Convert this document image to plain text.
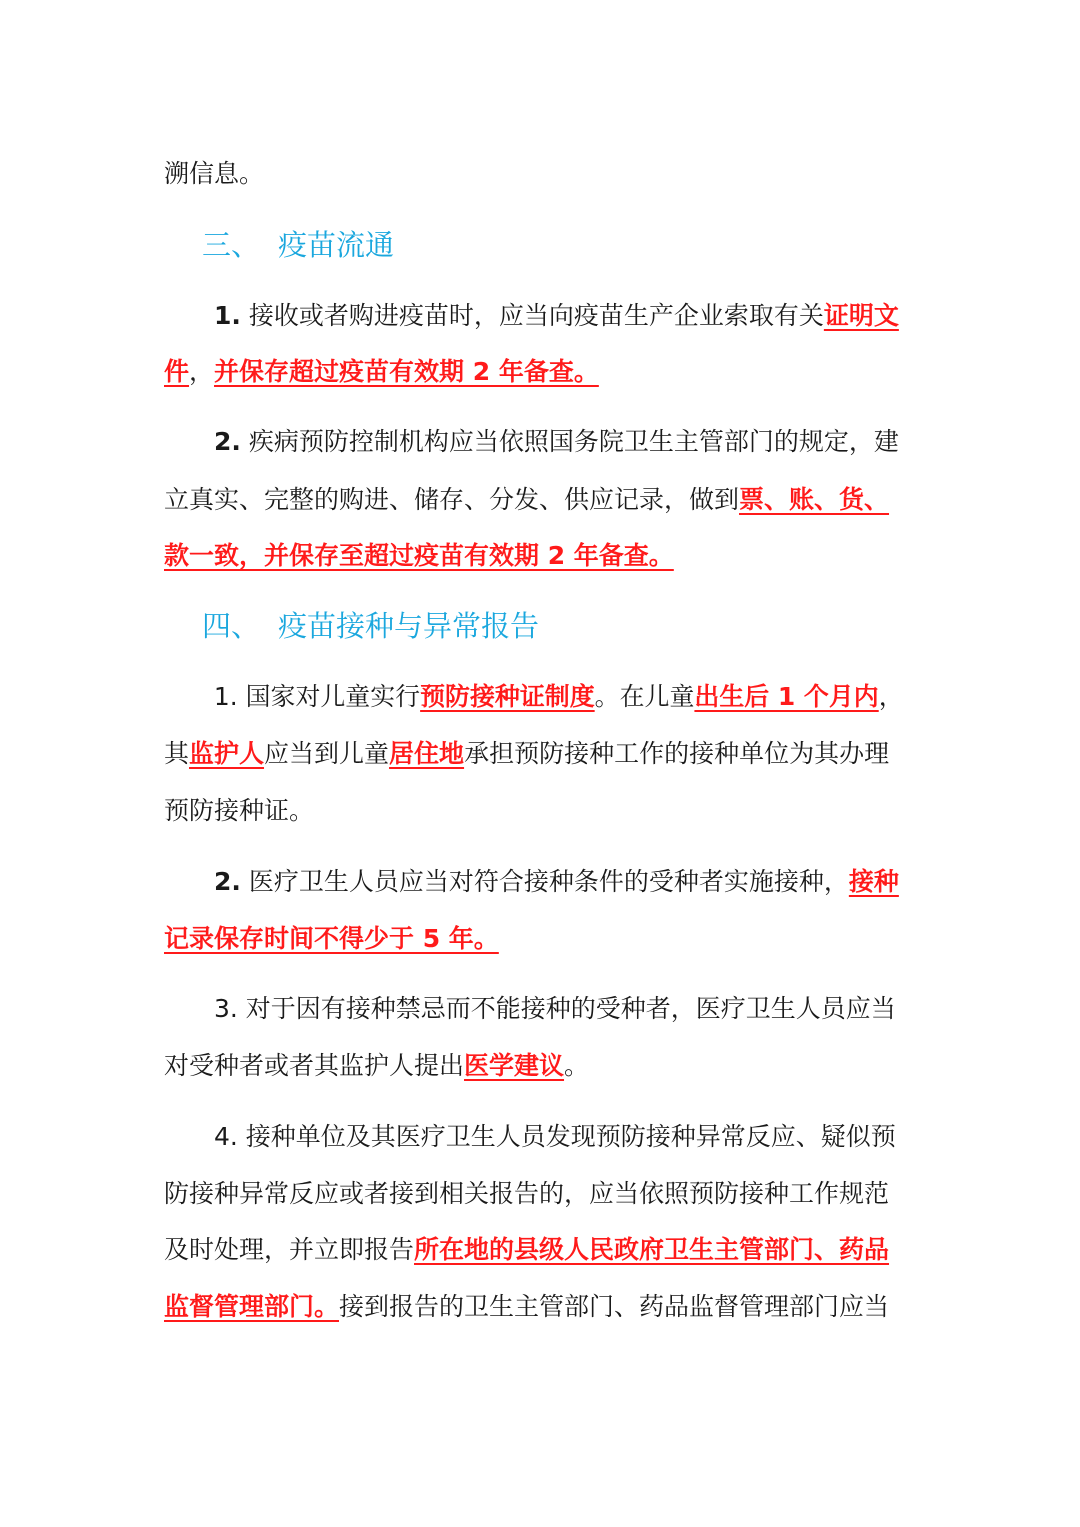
溯信息。
三、 疫苗流通
1. 接收或者购进疫苗时，应当向疫苗生产企业索取有关证明文
件，并保存超过疫苗有效期 2 年备查。
2. 疾病预防控制机构应当依照国务院卫生主管部门的规定，建
立真实、完整的购进、储存、分发、供应记录，做到票、账、货、
款一致，并保存至超过疫苗有效期 2 年备查。
四、 疫苗接种与异常报告
1. 国家对儿童实行预防接种证制度。在儿童出生后 1 个月内，
其监护人应当到儿童居住地承担预防接种工作的接种单位为其办理
预防接种证。
2. 医疗卫生人员应当对符合接种条件的受种者实施接种，接种
记录保存时间不得少于 5 年。
3. 对于因有接种禁忌而不能接种的受种者，医疗卫生人员应当
对受种者或者其监护人提出医学建议。
4. 接种单位及其医疗卫生人员发现预防接种异常反应、疑似预
防接种异常反应或者接到相关报告的，应当依照预防接种工作规范
及时处理，并立即报告所在地的县级人民政府卫生主管部门、药品
监督管理部门。接到报告的卫生主管部门、药品监督管理部门应当
